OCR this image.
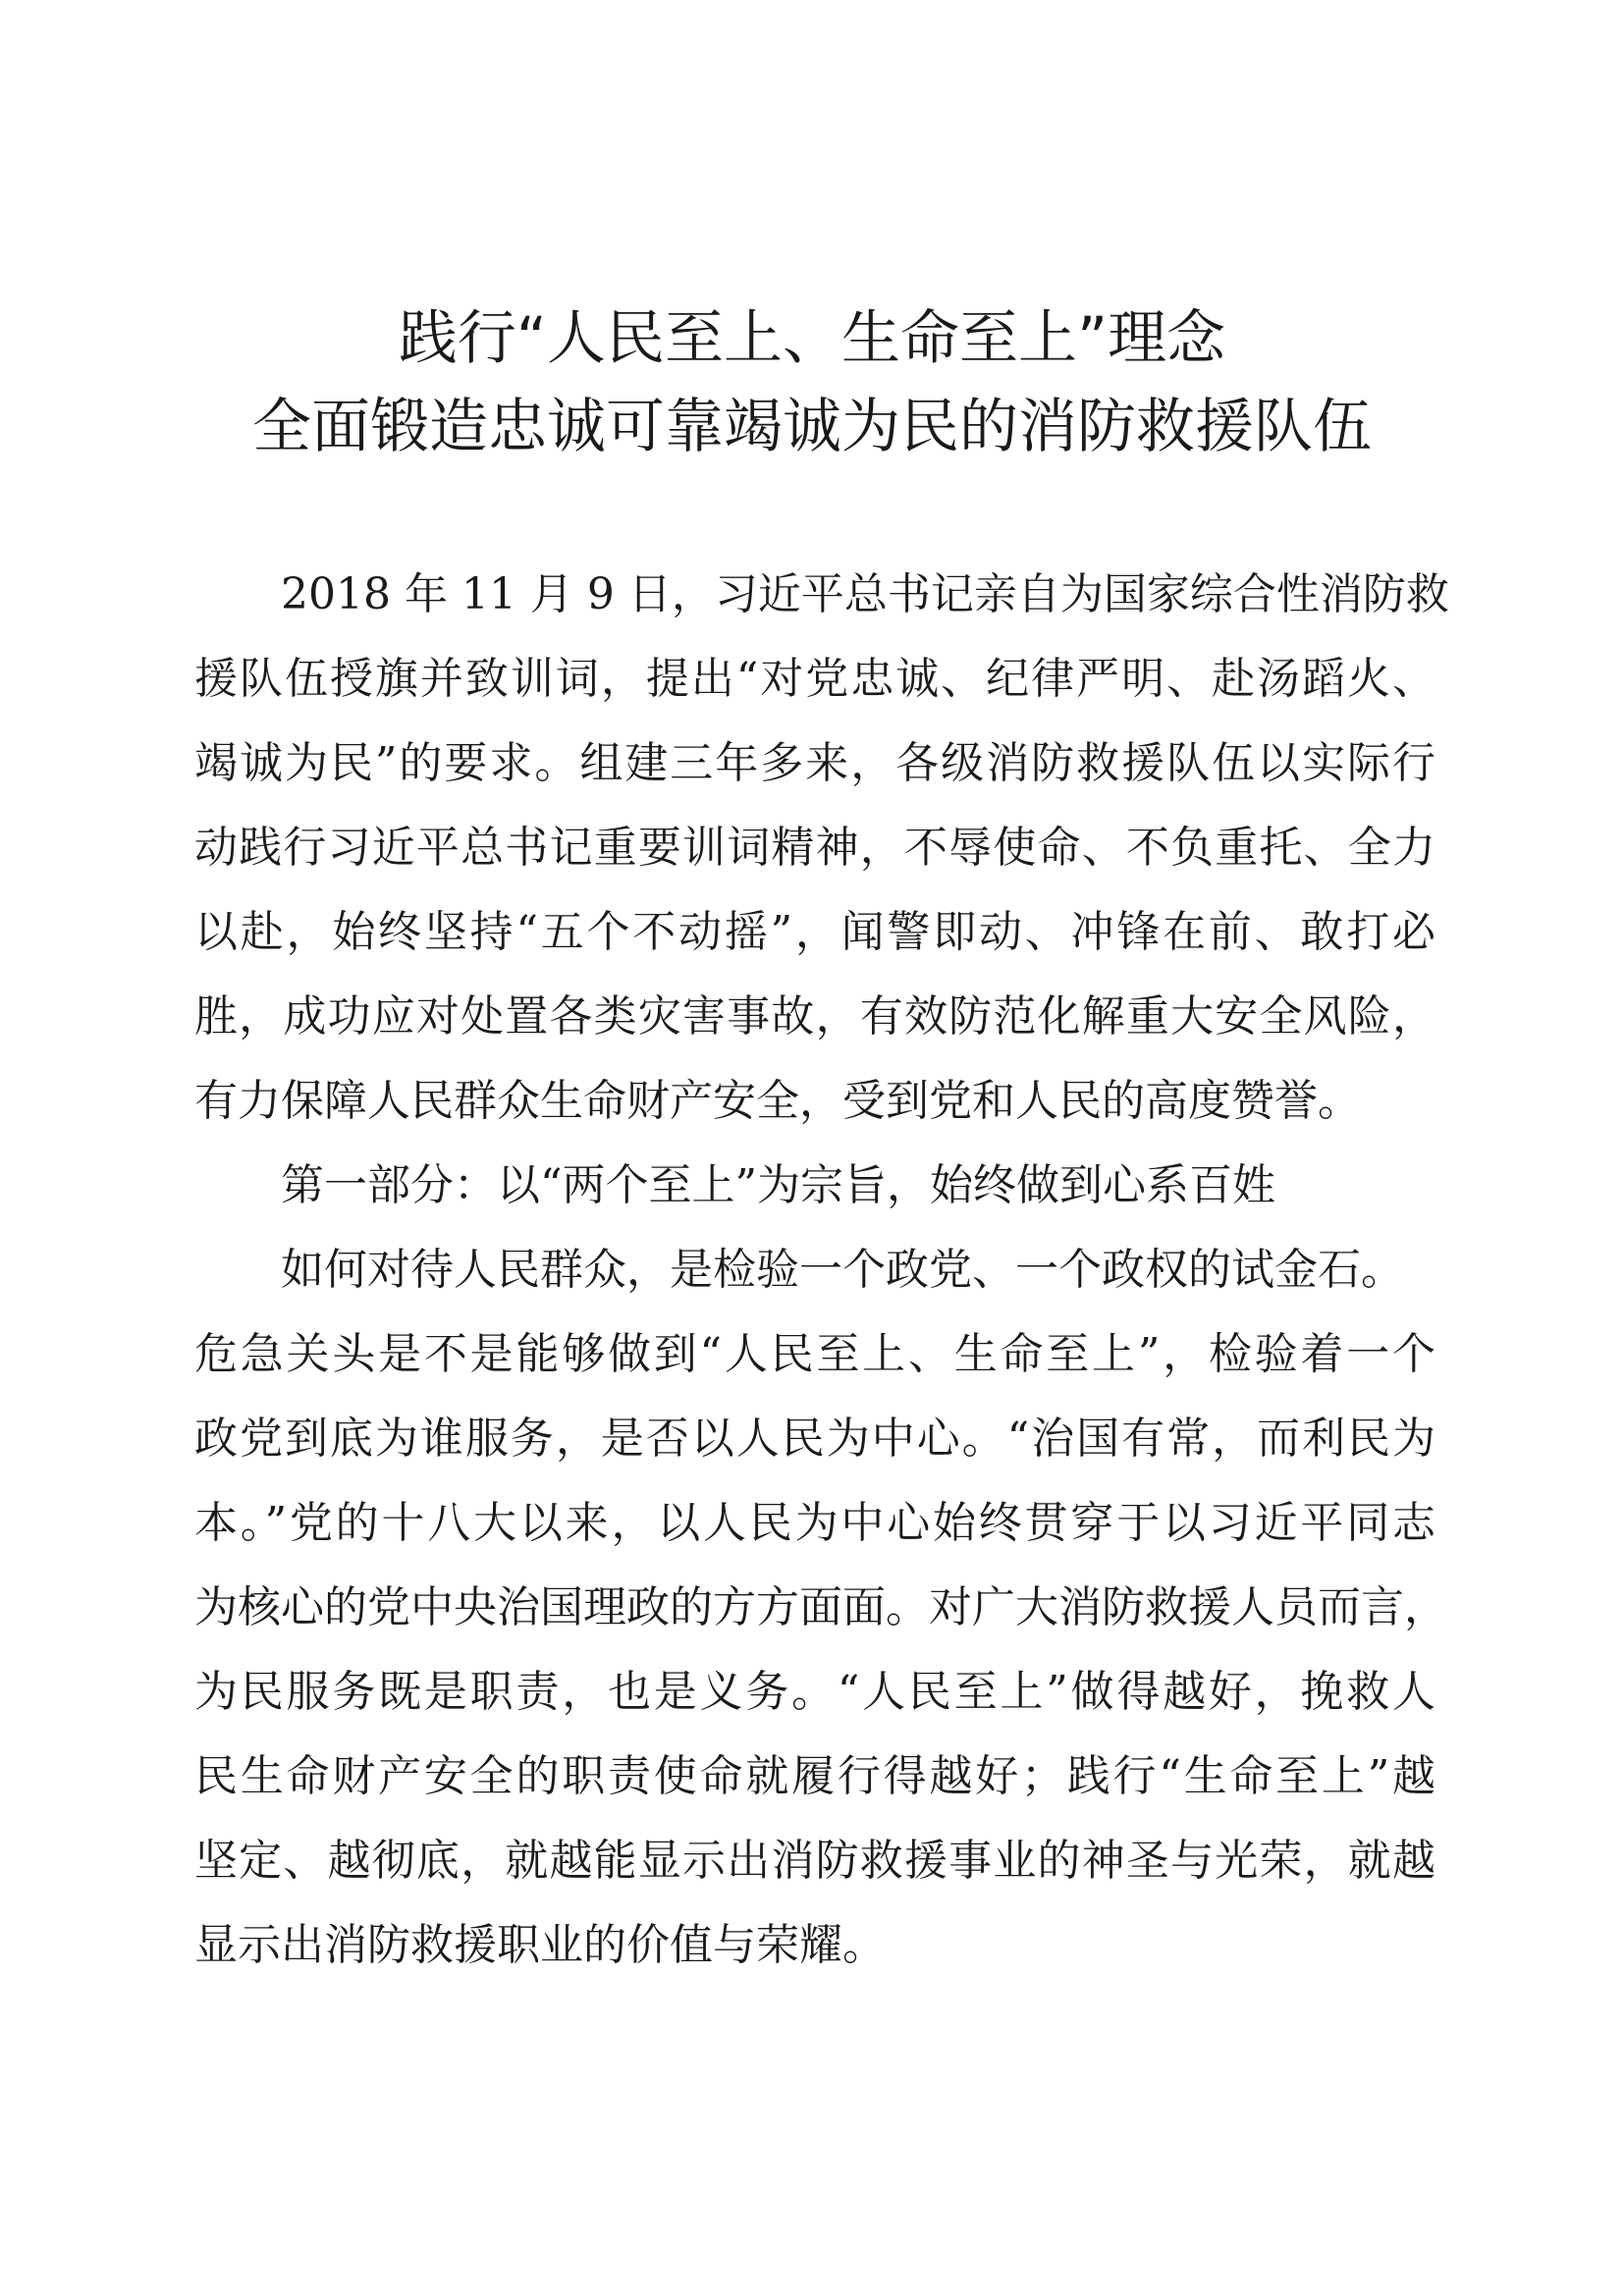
践行“人民至上、生命至上”理念
全面锻造忠诚可靠竭诚为民的消防救援队伍
2018 年 11 月 9 日，习近平总书记亲自为国家综合性消防救
援队伍授旗并致训词，提出“对党忠诚、纪律严明、赴汤蹈火、
竭诚为民”的要求。组建三年多来，各级消防救援队伍以实际行
动践行习近平总书记重要训词精神，不辱使命、不负重托、全力
以赴，始终坚持“五个不动摇”，闻警即动、冲锋在前、敢打必
胜，成功应对处置各类灾害事故，有效防范化解重大安全风险，
有力保障人民群众生命财产安全，受到党和人民的高度赞誉。
第一部分：以“两个至上”为宗旨，始终做到心系百姓
如何对待人民群众，是检验一个政党、一个政权的试金石。
危急关头是不是能够做到“人民至上、生命至上”，检验着一个
政党到底为谁服务，是否以人民为中心。“治国有常，而利民为
本。”党的十八大以来，以人民为中心始终贯穿于以习近平同志
为核心的党中央治国理政的方方面面。对广大消防救援人员而言，
为民服务既是职责，也是义务。“人民至上”做得越好，挽救人
民生命财产安全的职责使命就履行得越好；践行“生命至上”越
坚定、越彻底，就越能显示出消防救援事业的神圣与光荣，就越
显示出消防救援职业的价值与荣耀。
